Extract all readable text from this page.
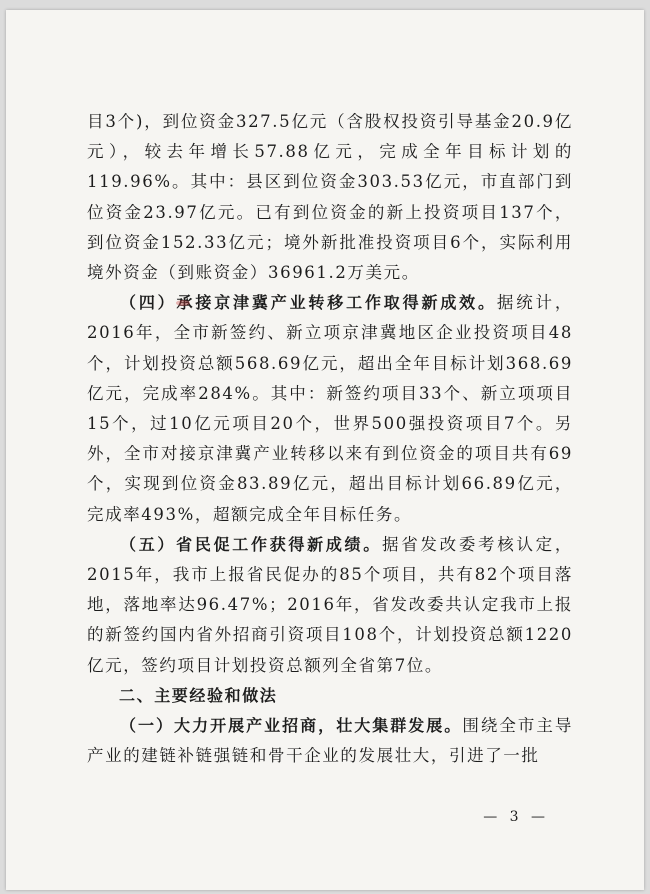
目3个)，到位资金327.5亿元（含股权投资引导基金20.9亿元），较去年增长57.88亿元，完成全年目标计划的119.96%。其中：县区到位资金303.53亿元，市直部门到位资金23.97亿元。已有到位资金的新上投资项目137个，到位资金152.33亿元；境外新批准投资项目6个，实际利用境外资金（到账资金）36961.2万美元。

（四）承接京津冀产业转移工作取得新成效。据统计，2016年，全市新签约、新立项京津冀地区企业投资项目48个，计划投资总额568.69亿元，超出全年目标计划368.69亿元，完成率284%。其中：新签约项目33个、新立项项目15个，过10亿元项目20个，世界500强投资项目7个。另外，全市对接京津冀产业转移以来有到位资金的项目共有69个，实现到位资金83.89亿元，超出目标计划66.89亿元，完成率493%，超额完成全年目标任务。

（五）省民促工作获得新成绩。据省发改委考核认定，2015年，我市上报省民促办的85个项目，共有82个项目落地，落地率达96.47%；2016年，省发改委共认定我市上报的新签约国内省外招商引资项目108个，计划投资总额1220亿元，签约项目计划投资总额列全省第7位。

二、主要经验和做法

（一）大力开展产业招商，壮大集群发展。围绕全市主导产业的建链补链强链和骨干企业的发展壮大，引进了一批

— 3 —
